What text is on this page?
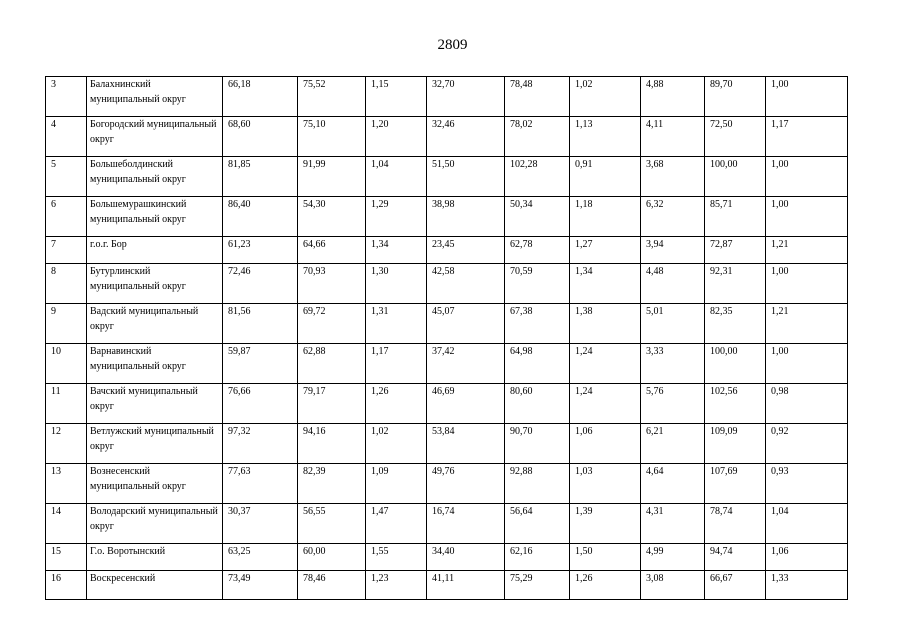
2809
3	Балахнинский муниципальный округ	66,18	75,52	1,15	32,70	78,48	1,02	4,88	89,70	1,00	
4	Богородский муниципальный округ	68,60	75,10	1,20	32,46	78,02	1,13	4,11	72,50	1,17	
5	Большеболдинский муниципальный округ	81,85	91,99	1,04	51,50	102,28	0,91	3,68	100,00	1,00	
6	Большемурашкинский муниципальный округ	86,40	54,30	1,29	38,98	50,34	1,18	6,32	85,71	1,00	
7	г.о.г. Бор	61,23	64,66	1,34	23,45	62,78	1,27	3,94	72,87	1,21	
8	Бутурлинский муниципальный округ	72,46	70,93	1,30	42,58	70,59	1,34	4,48	92,31	1,00	
9	Вадский муниципальный округ	81,56	69,72	1,31	45,07	67,38	1,38	5,01	82,35	1,21	
10	Варнавинский муниципальный округ	59,87	62,88	1,17	37,42	64,98	1,24	3,33	100,00	1,00	
11	Вачский муниципальный округ	76,66	79,17	1,26	46,69	80,60	1,24	5,76	102,56	0,98	
12	Ветлужский муниципальный округ	97,32	94,16	1,02	53,84	90,70	1,06	6,21	109,09	0,92	
13	Вознесенский муниципальный округ	77,63	82,39	1,09	49,76	92,88	1,03	4,64	107,69	0,93	
14	Володарский муниципальный округ	30,37	56,55	1,47	16,74	56,64	1,39	4,31	78,74	1,04	
15	Г.о. Воротынский	63,25	60,00	1,55	34,40	62,16	1,50	4,99	94,74	1,06	
16	Воскресенский	73,49	78,46	1,23	41,11	75,29	1,26	3,08	66,67	1,33	
